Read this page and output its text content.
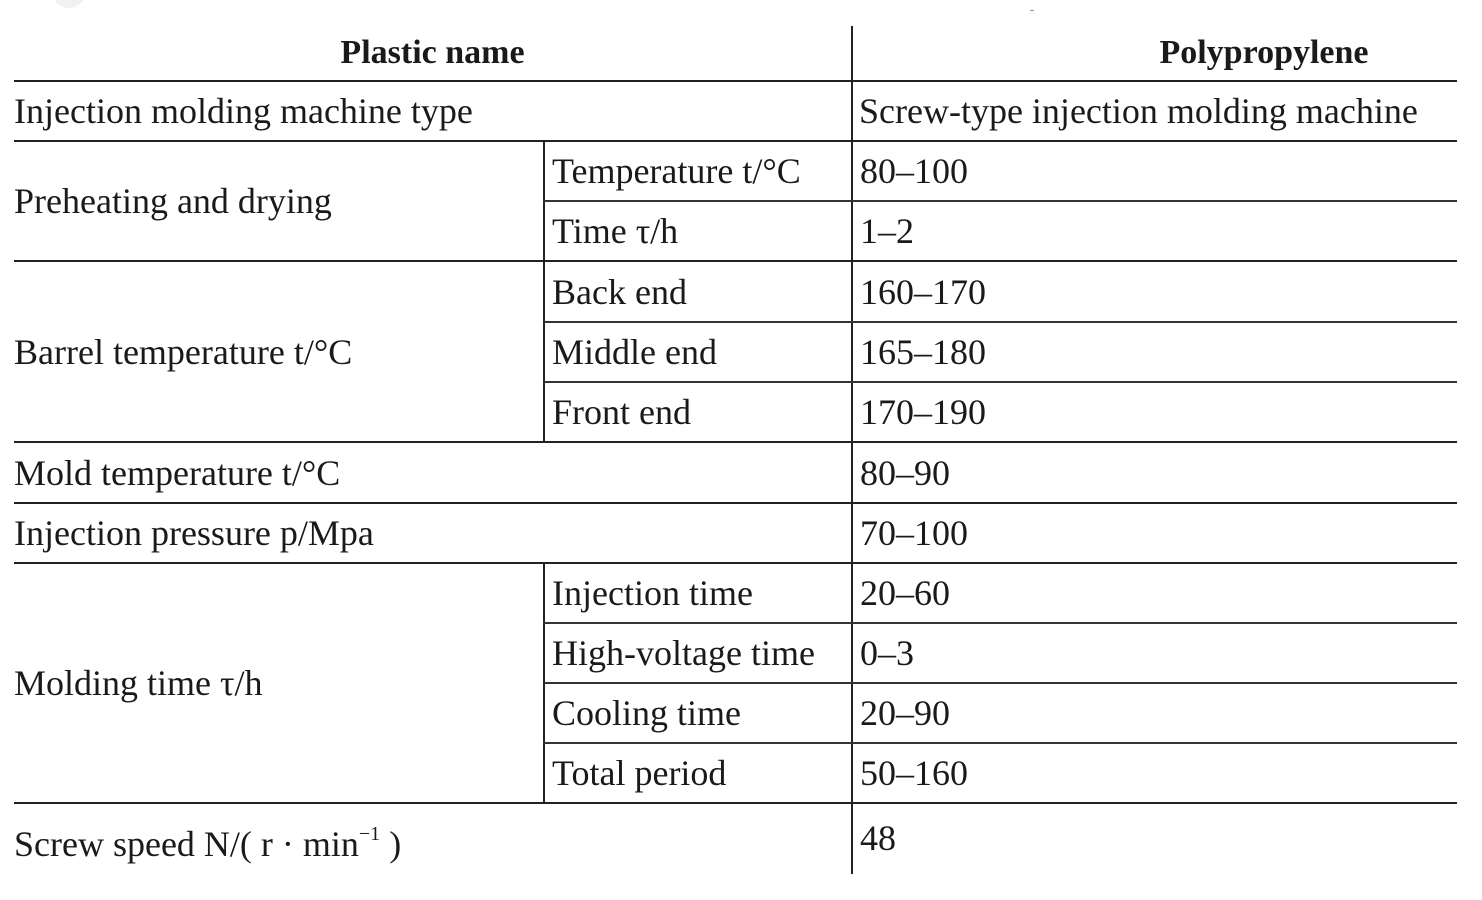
Plastic name	Polypropylene
Injection molding machine type	Screw-type injection molding machine
Preheating and drying
Temperature t/°C 80–100
Time τ/h	1–2
Barrel temperature t/°C
Back end	160–170
Middle end	165–180
Front end	170–190
Mold temperature t/°C	80–90
Injection pressure p/Mpa	70–100
Molding time τ/h
Injection time	20–60
High-voltage time 0–3
Cooling time	20–90
Total period	50–160
Screw speed N/( $r \cdot \min^{-1}$ )	48
